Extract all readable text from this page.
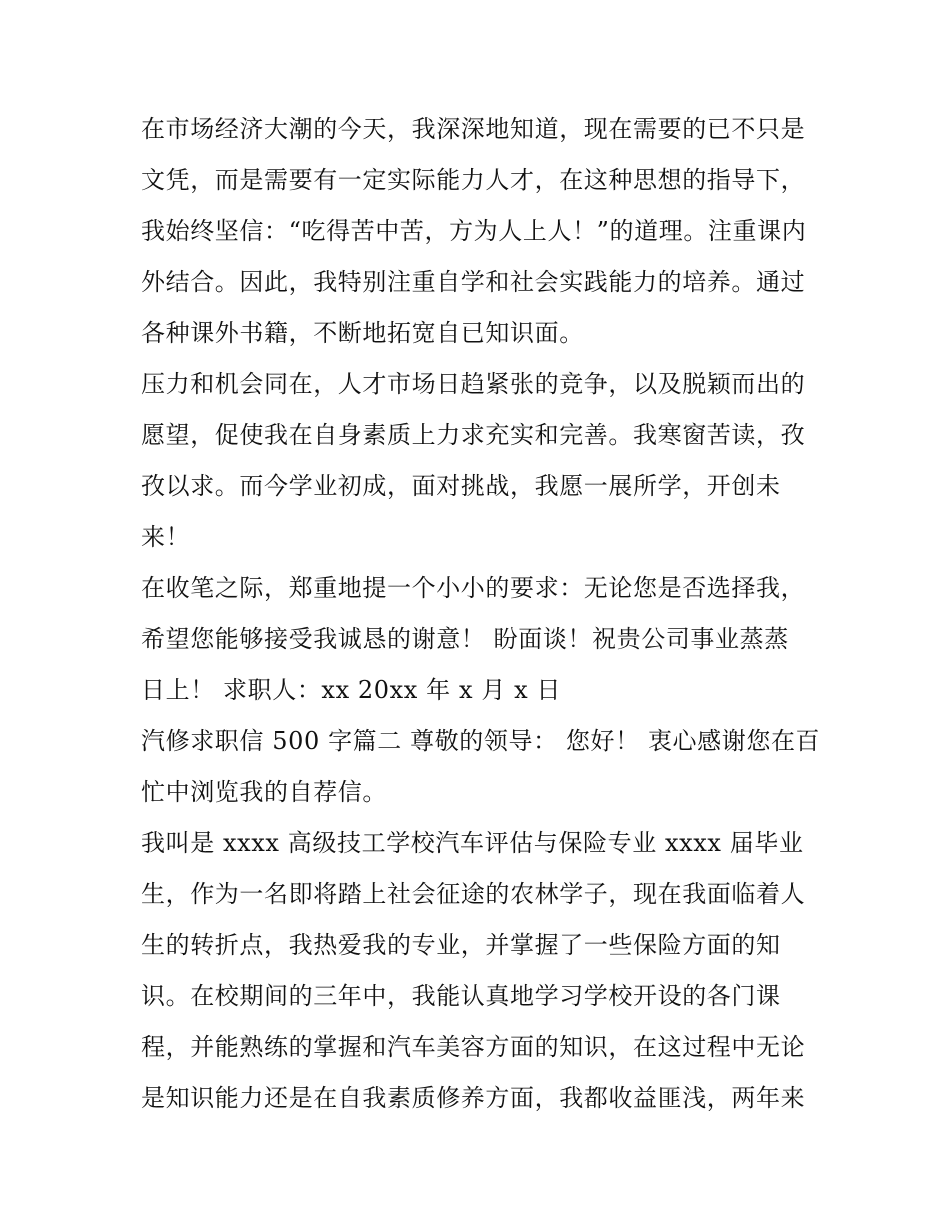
在市场经济大潮的今天，我深深地知道，现在需要的已不只是
文凭，而是需要有一定实际能力人才，在这种思想的指导下，
我始终坚信：“吃得苦中苦，方为人上人！”的道理。注重课内
外结合。因此，我特别注重自学和社会实践能力的培养。通过
各种课外书籍，不断地拓宽自已知识面。
压力和机会同在，人才市场日趋紧张的竞争，以及脱颖而出的
愿望，促使我在自身素质上力求充实和完善。我寒窗苦读，孜
孜以求。而今学业初成，面对挑战，我愿一展所学，开创未
来！
在收笔之际，郑重地提一个小小的要求：无论您是否选择我，
希望您能够接受我诚恳的谢意！ 盼面谈！祝贵公司事业蒸蒸
日上！ 求职人：xx 20xx 年 x 月 x 日
汽修求职信 500 字篇二 尊敬的领导： 您好！ 衷心感谢您在百
忙中浏览我的自荐信。
我叫是 xxxx 高级技工学校汽车评估与保险专业 xxxx 届毕业
生，作为一名即将踏上社会征途的农林学子，现在我面临着人
生的转折点，我热爱我的专业，并掌握了一些保险方面的知
识。在校期间的三年中，我能认真地学习学校开设的各门课
程，并能熟练的掌握和汽车美容方面的知识，在这过程中无论
是知识能力还是在自我素质修养方面，我都收益匪浅，两年来
